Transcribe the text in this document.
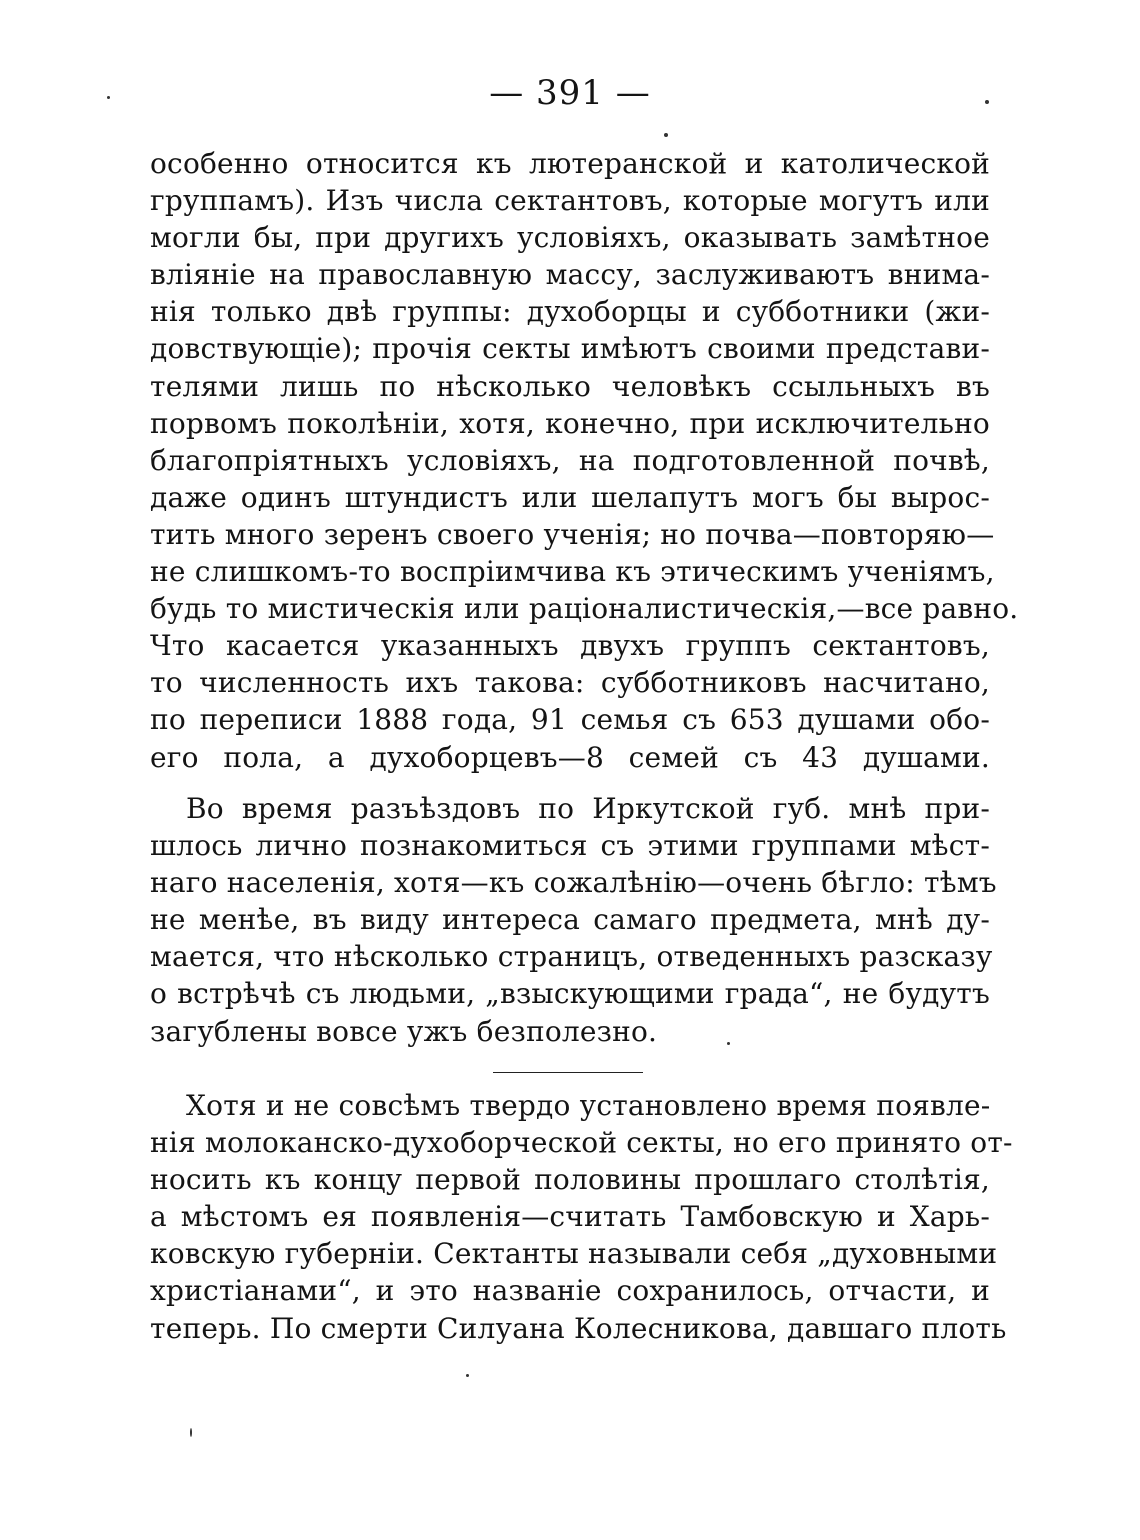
— 391 —
особенно относится къ лютеранской и католической
группамъ). Изъ числа сектантовъ, которые могутъ или
могли бы, при другихъ условіяхъ, оказывать замѣтное
вліяніе на православную массу, заслуживаютъ внима-
нія только двѣ группы: духоборцы и субботники (жи-
довствующіе); прочія секты имѣютъ своими представи-
телями лишь по нѣсколько человѣкъ ссыльныхъ въ
порвомъ поколѣніи, хотя, конечно, при исключительно
благопріятныхъ условіяхъ, на подготовленной почвѣ,
даже одинъ штундистъ или шелапутъ могъ бы вырос-
тить много зеренъ своего ученія; но почва—повторяю—
не слишкомъ-то воспріимчива къ этическимъ ученіямъ,
будь то мистическія или раціоналистическія,—все равно.
Что касается указанныхъ двухъ группъ сектантовъ,
то численность ихъ такова: субботниковъ насчитано,
по переписи 1888 года, 91 семья съ 653 душами обо-
его пола, а духоборцевъ—8 семей съ 43 душами.
Во время разъѣздовъ по Иркутской губ. мнѣ при-
шлось лично познакомиться съ этими группами мѣст-
наго населенія, хотя—къ сожалѣнію—очень бѣгло: тѣмъ
не менѣе, въ виду интереса самаго предмета, мнѣ ду-
мается, что нѣсколько страницъ, отведенныхъ разсказу
о встрѣчѣ съ людьми, „взыскующими града“, не будутъ
загублены вовсе ужъ безполезно.
Хотя и не совсѣмъ твердо установлено время появле-
нія молоканско-духоборческой секты, но его принято от-
носить къ концу первой половины прошлаго столѣтія,
а мѣстомъ ея появленія—считать Тамбовскую и Харь-
ковскую губерніи. Сектанты называли себя „духовными
христіанами“, и это названіе сохранилось, отчасти, и
теперь. По смерти Силуана Колесникова, давшаго плоть
